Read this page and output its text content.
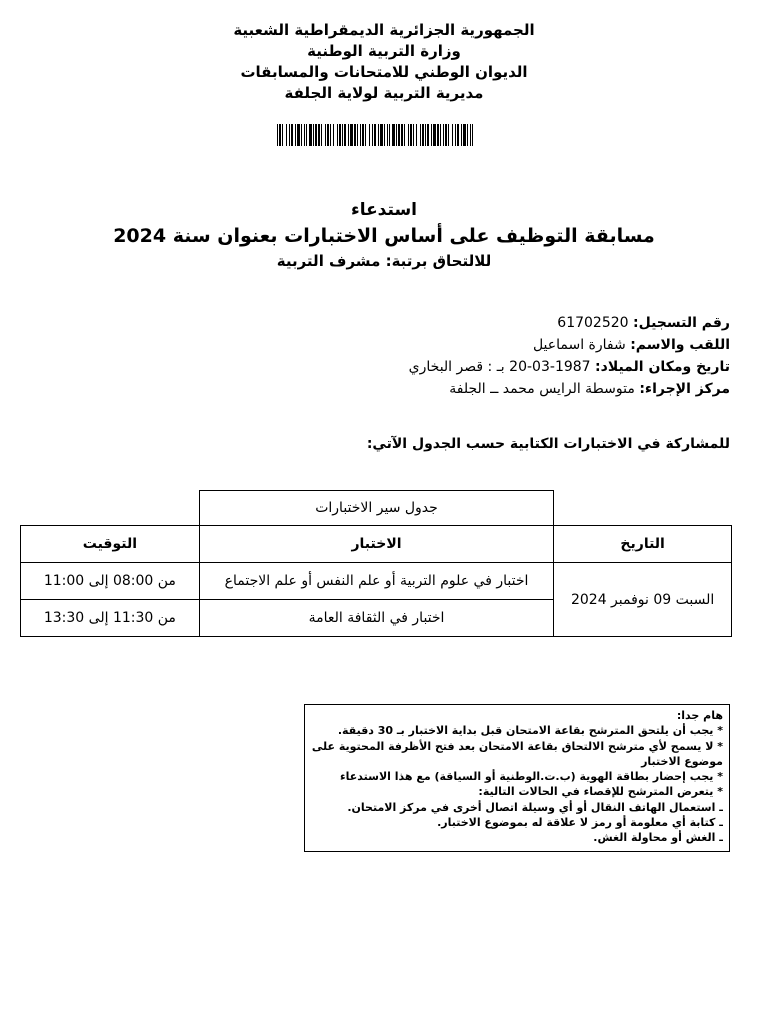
الجمهورية الجزائرية الديمقراطية الشعبية
وزارة التربية الوطنية
الديوان الوطني للامتحانات والمسابقات
مديرية التربية لولاية الجلفة
استدعاء
مسابقة التوظيف على أساس الاختبارات بعنوان سنة 2024
للالتحاق برتبة: مشرف التربية
رقم التسجيل: 61702520
اللقب والاسم: شفارة اسماعيل
تاريخ ومكان الميلاد: 1987-03-20 بـ : قصر البخاري
مركز الإجراء: متوسطة الرايس محمد ــ الجلفة
للمشاركة في الاختبارات الكتابية حسب الجدول الآتي:
	جدول سير الاختبارات	
التاريخ	الاختبار	التوقيت
السبت 09 نوفمبر 2024	اختبار في علوم التربية أو علم النفس أو علم الاجتماع	من 08:00 إلى 11:00
	اختبار في الثقافة العامة	من 11:30 إلى 13:30
هام جدا:
* يجب أن يلتحق المترشح بقاعة الامتحان قبل بداية الاختبار بـ 30 دقيقة.
* لا يسمح لأي مترشح الالتحاق بقاعة الامتحان بعد فتح الأظرفة المحتوية على
موضوع الاختبار
* يجب إحضار بطاقة الهوية (ب.ت.الوطنية أو السياقة) مع هذا الاستدعاء
* يتعرض المترشح للإقصاء في الحالات التالية:
ـ استعمال الهاتف النقال أو أي وسيلة اتصال أخرى في مركز الامتحان.
ـ كتابة أي معلومة أو رمز لا علاقة له بموضوع الاختبار.
ـ الغش أو محاولة الغش.
